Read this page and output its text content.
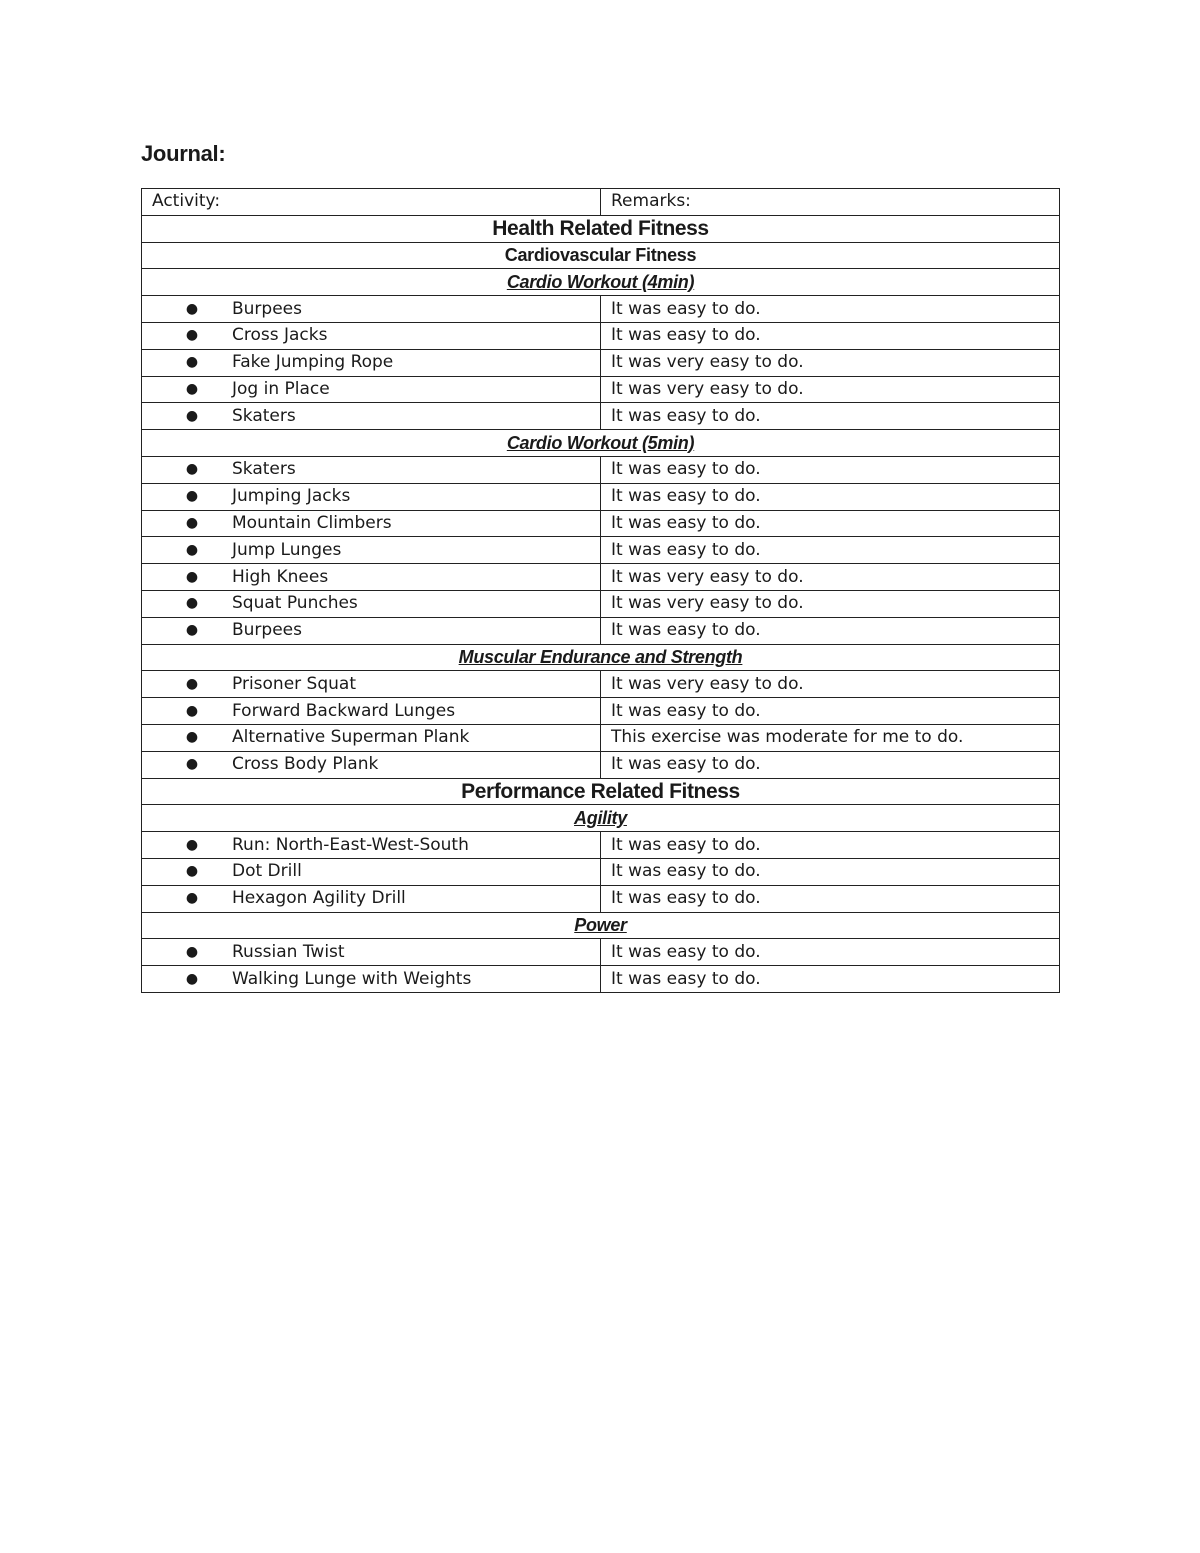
Journal:
Activity:	Remarks:
Health Related Fitness	
Cardiovascular Fitness	
Cardio Workout (4min)	
● Burpees	It was easy to do.
● Cross Jacks	It was easy to do.
● Fake Jumping Rope	It was very easy to do.
● Jog in Place	It was very easy to do.
● Skaters	It was easy to do.
Cardio Workout (5min)	
● Skaters	It was easy to do.
● Jumping Jacks	It was easy to do.
● Mountain Climbers	It was easy to do.
● Jump Lunges	It was easy to do.
● High Knees	It was very easy to do.
● Squat Punches	It was very easy to do.
● Burpees	It was easy to do.
Muscular Endurance and Strength	
● Prisoner Squat	It was very easy to do.
● Forward Backward Lunges	It was easy to do.
● Alternative Superman Plank	This exercise was moderate for me to do.
● Cross Body Plank	It was easy to do.
Performance Related Fitness	
Agility	
● Run: North-East-West-South	It was easy to do.
● Dot Drill	It was easy to do.
● Hexagon Agility Drill	It was easy to do.
Power	
● Russian Twist	It was easy to do.
● Walking Lunge with Weights	It was easy to do.
